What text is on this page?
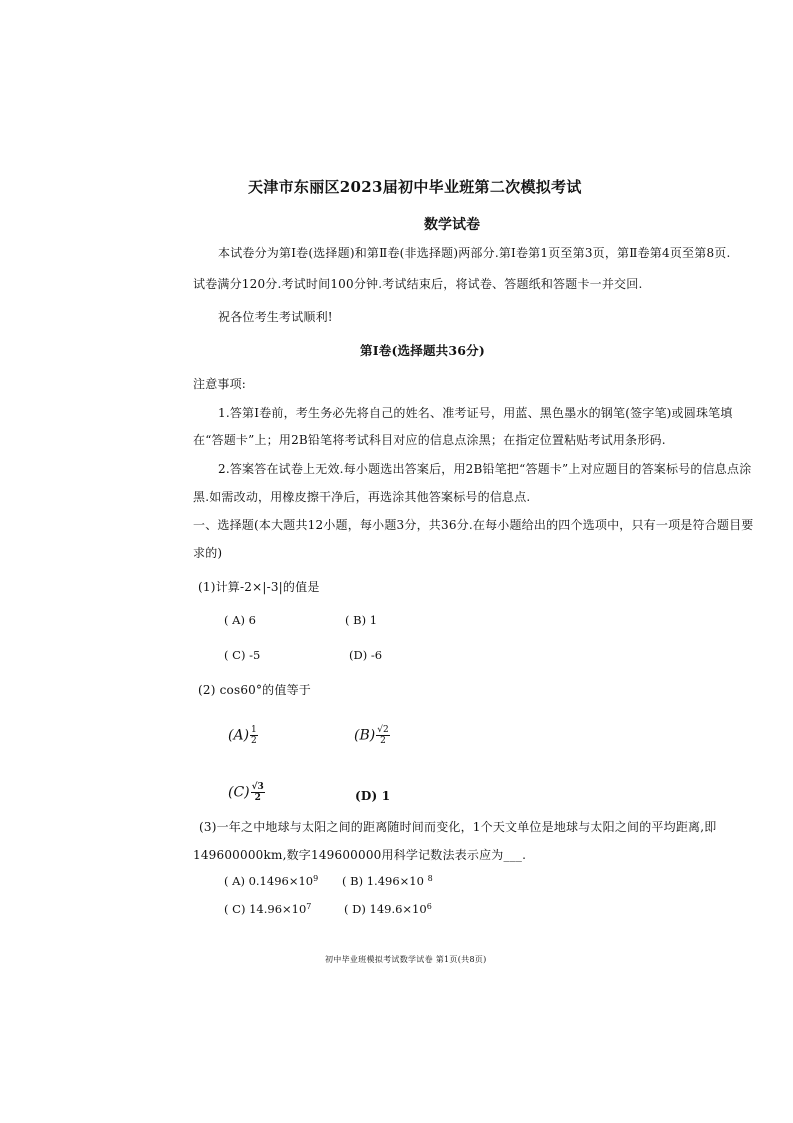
天津市东丽区2023届初中毕业班第二次模拟考试
数学试卷
本试卷分为第Ⅰ卷(选择题)和第Ⅱ卷(非选择题)两部分.第Ⅰ卷第1页至第3页，第Ⅱ卷第4页至第8页.
试卷满分120分.考试时间100分钟.考试结束后，将试卷、答题纸和答题卡一并交回.
祝各位考生考试顺利!
第Ⅰ卷(选择题共36分)
注意事项:
1.答第Ⅰ卷前，考生务必先将自己的姓名、准考证号，用蓝、黑色墨水的钢笔(签字笔)或圆珠笔填
在“答题卡”上；用2B铅笔将考试科目对应的信息点涂黑；在指定位置粘贴考试用条形码.
2.答案答在试卷上无效.每小题选出答案后，用2B铅笔把“答题卡”上对应题目的答案标号的信息点涂
黑.如需改动，用橡皮擦干净后，再选涂其他答案标号的信息点.
一、选择题(本大题共12小题，每小题3分，共36分.在每小题给出的四个选项中，只有一项是符合题目要
求的)
(1)计算-2×|-3|的值是
( A) 6	( B) 1
( C) -5	(D) -6
(2) cos60°的值等于
$(A) \frac{1}{2}$	$(B) \frac{√2}{2}$
$(C) \frac{√3}{2}$	(D) 1
(3)一年之中地球与太阳之间的距离随时间而变化，1个天文单位是地球与太阳之间的平均距离,即
149600000km,数字149600000用科学记数法表示应为___.
( A) $0.1496\times 10^9$ ( B) 1.496×10 $^8$
( C) $14.96\times 10^7$	( D) $149.6\times 10^6$
初中毕业班模拟考试数学试卷 第1页(共8页)
